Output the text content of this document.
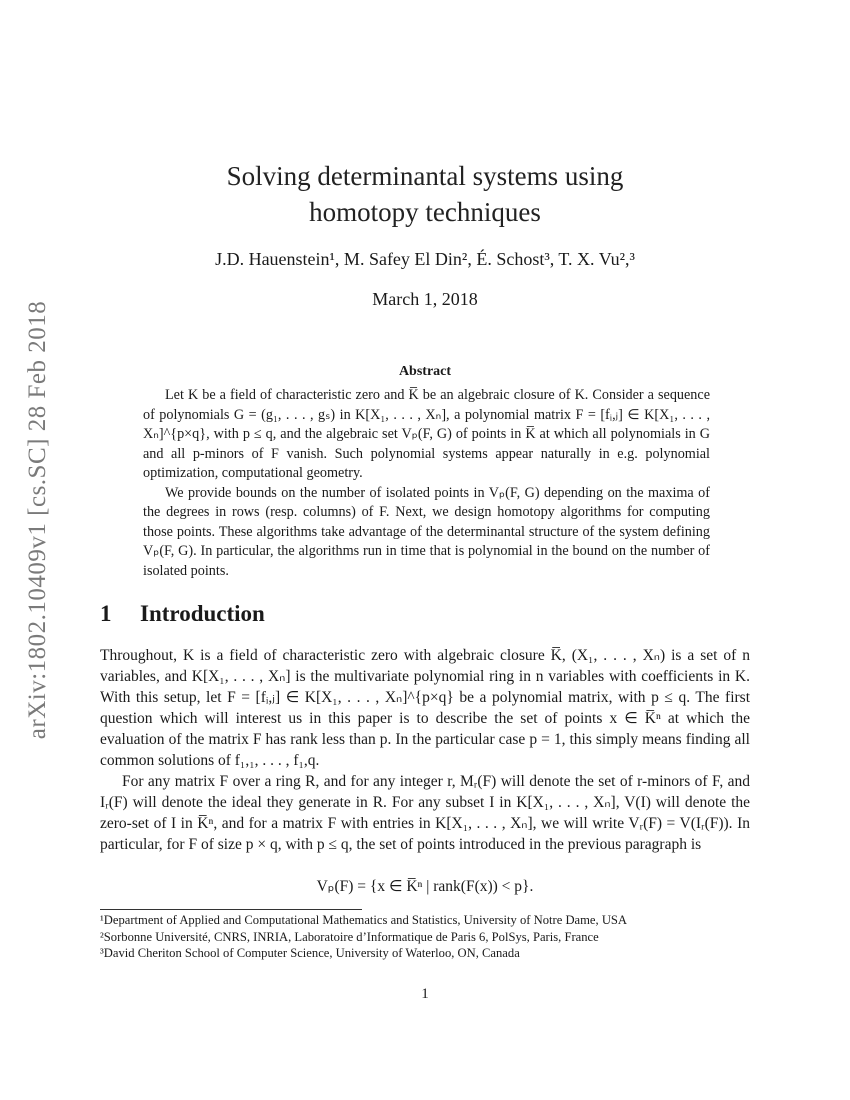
arXiv:1802.10409v1 [cs.SC] 28 Feb 2018
Solving determinantal systems using
homotopy techniques
J.D. Hauenstein¹, M. Safey El Din², É. Schost³, T. X. Vu²,³
March 1, 2018
Abstract

Let K be a field of characteristic zero and K̅ be an algebraic closure of K. Consider a sequence of polynomials G = (g₁, . . . , gₛ) in K[X₁, . . . , Xₙ], a polynomial matrix F = [fᵢ,ⱼ] ∈ K[X₁, . . . , Xₙ]^{p×q}, with p ≤ q, and the algebraic set Vₚ(F, G) of points in K̅ at which all polynomials in G and all p-minors of F vanish. Such polynomial systems appear naturally in e.g. polynomial optimization, computational geometry.

We provide bounds on the number of isolated points in Vₚ(F, G) depending on the maxima of the degrees in rows (resp. columns) of F. Next, we design homotopy algorithms for computing those points. These algorithms take advantage of the determinantal structure of the system defining Vₚ(F, G). In particular, the algorithms run in time that is polynomial in the bound on the number of isolated points.

1 Introduction

Throughout, K is a field of characteristic zero with algebraic closure K̅, (X₁, . . . , Xₙ) is a set of n variables, and K[X₁, . . . , Xₙ] is the multivariate polynomial ring in n variables with coefficients in K. With this setup, let F = [fᵢ,ⱼ] ∈ K[X₁, . . . , Xₙ]^{p×q} be a polynomial matrix, with p ≤ q. The first question which will interest us in this paper is to describe the set of points x ∈ K̅ⁿ at which the evaluation of the matrix F has rank less than p. In the particular case p = 1, this simply means finding all common solutions of f₁,₁, . . . , f₁,q.

For any matrix F over a ring R, and for any integer r, Mᵣ(F) will denote the set of r-minors of F, and Iᵣ(F) will denote the ideal they generate in R. For any subset I in K[X₁, . . . , Xₙ], V(I) will denote the zero-set of I in K̅ⁿ, and for a matrix F with entries in K[X₁, . . . , Xₙ], we will write Vᵣ(F) = V(Iᵣ(F)). In particular, for F of size p × q, with p ≤ q, the set of points introduced in the previous paragraph is

Vₚ(F) = {x ∈ K̅ⁿ | rank(F(x)) < p}.
¹Department of Applied and Computational Mathematics and Statistics, University of Notre Dame, USA
²Sorbonne Université, CNRS, INRIA, Laboratoire d’Informatique de Paris 6, PolSys, Paris, France
³David Cheriton School of Computer Science, University of Waterloo, ON, Canada
1
